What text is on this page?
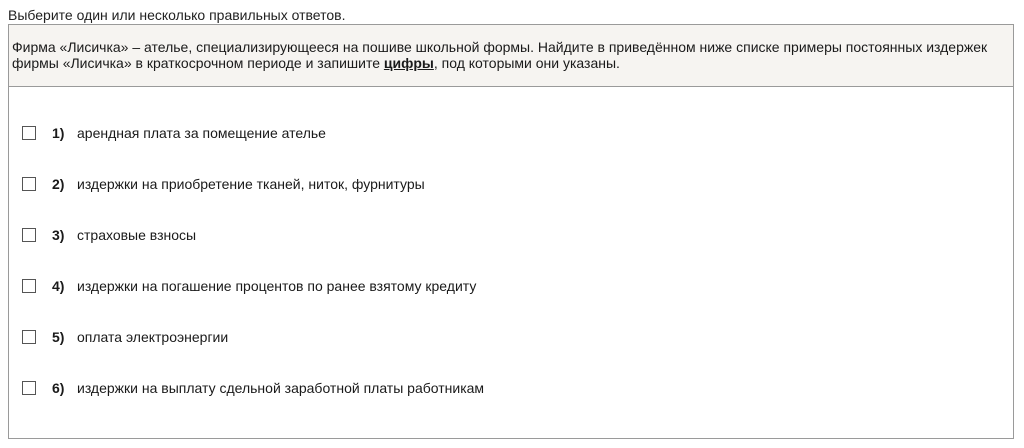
Выберите один или несколько правильных ответов.
Фирма «Лисичка» – ателье, специализирующееся на пошиве школьной формы. Найдите в приведённом ниже списке примеры постоянных издержек фирмы «Лисичка» в краткосрочном периоде и запишите цифры, под которыми они указаны.
1) арендная плата за помещение ателье
2) издержки на приобретение тканей, ниток, фурнитуры
3) страховые взносы
4) издержки на погашение процентов по ранее взятому кредиту
5) оплата электроэнергии
6) издержки на выплату сдельной заработной платы работникам
